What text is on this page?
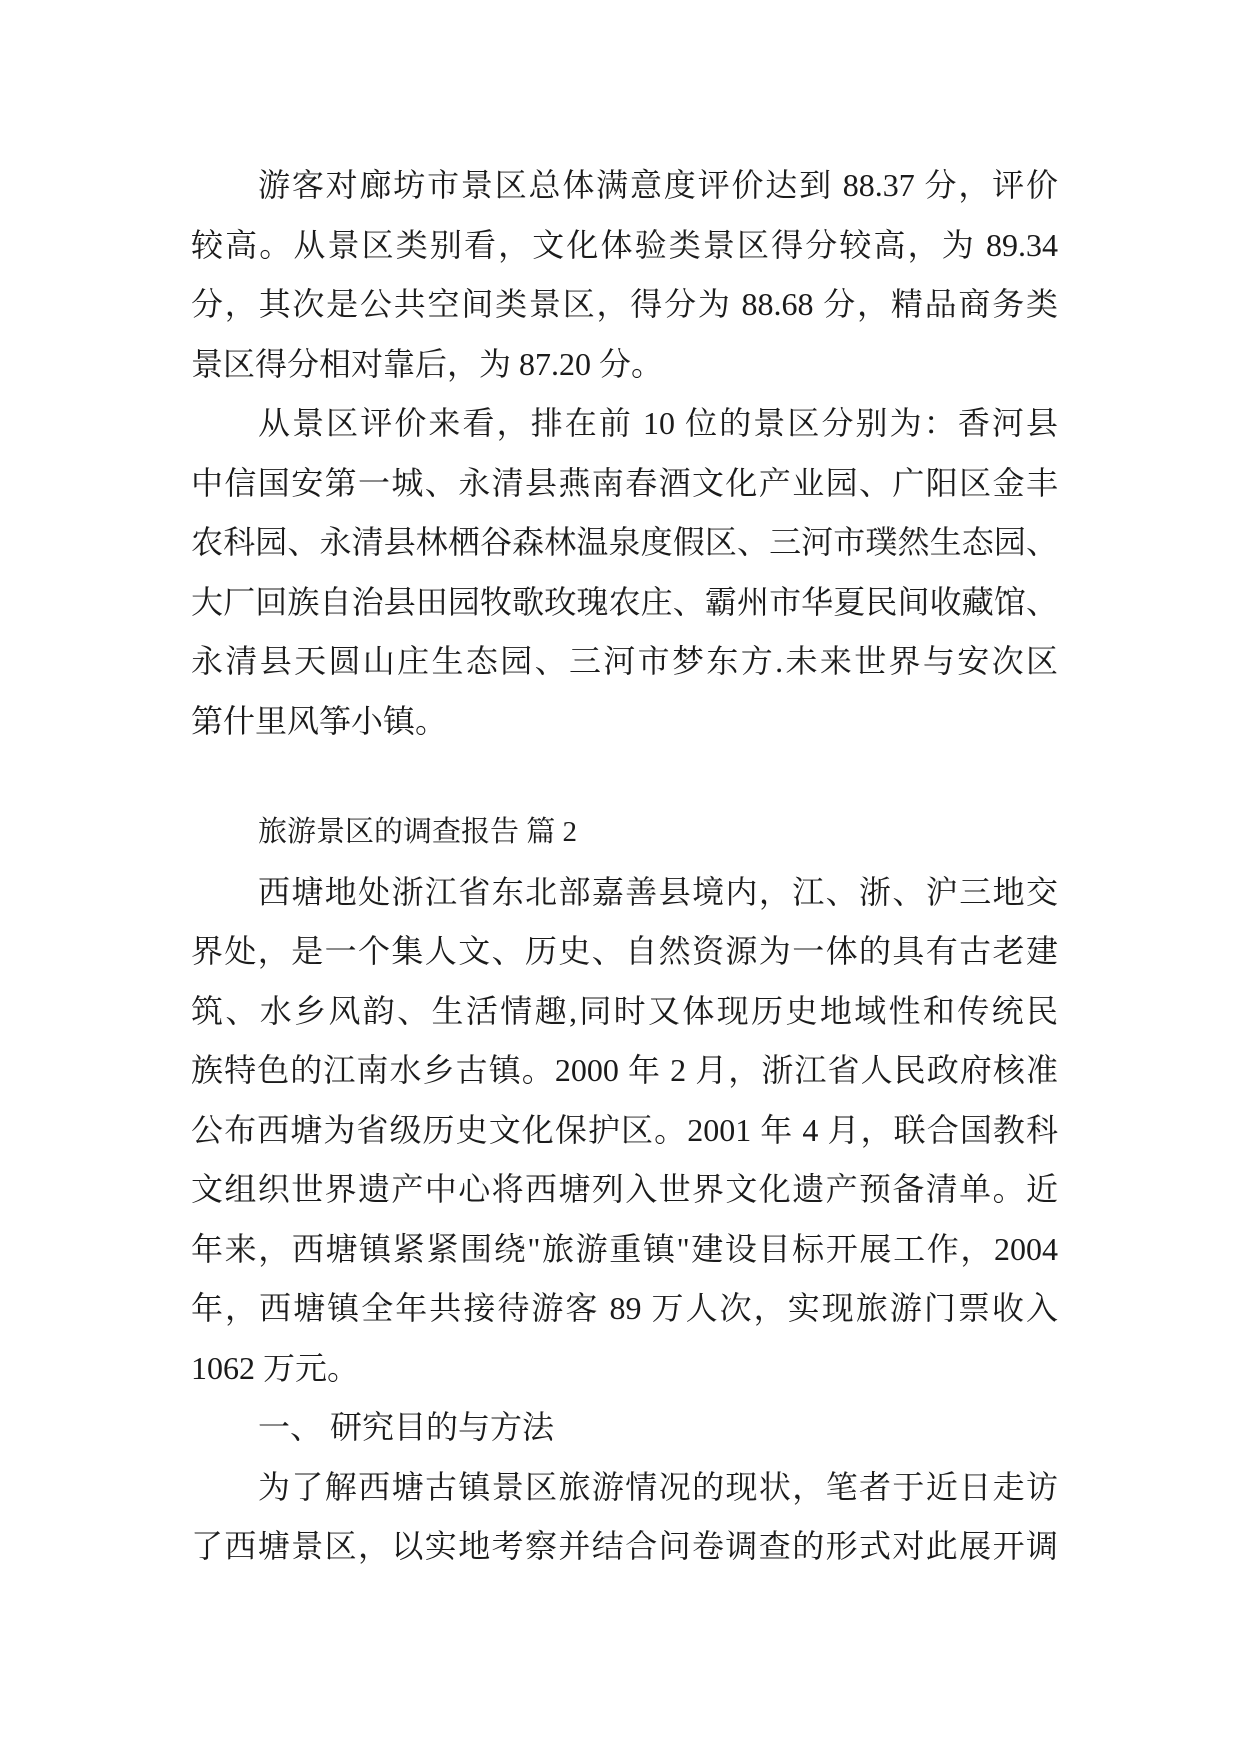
游客对廊坊市景区总体满意度评价达到 88.37 分，评价
较高。从景区类别看，文化体验类景区得分较高，为 89.34
分，其次是公共空间类景区，得分为 88.68 分，精品商务类
景区得分相对靠后，为 87.20 分。
从景区评价来看，排在前 10 位的景区分别为：香河县
中信国安第一城、永清县燕南春酒文化产业园、广阳区金丰
农科园、永清县林栖谷森林温泉度假区、三河市璞然生态园、
大厂回族自治县田园牧歌玫瑰农庄、霸州市华夏民间收藏馆、
永清县天圆山庄生态园、三河市梦东方.未来世界与安次区
第什里风筝小镇。
旅游景区的调查报告 篇 2
西塘地处浙江省东北部嘉善县境内，江、浙、沪三地交
界处，是一个集人文、历史、自然资源为一体的具有古老建
筑、水乡风韵、生活情趣,同时又体现历史地域性和传统民
族特色的江南水乡古镇。2000 年 2 月，浙江省人民政府核准
公布西塘为省级历史文化保护区。2001 年 4 月，联合国教科
文组织世界遗产中心将西塘列入世界文化遗产预备清单。近
年来，西塘镇紧紧围绕"旅游重镇"建设目标开展工作，2004
年，西塘镇全年共接待游客 89 万人次，实现旅游门票收入
1062 万元。
一、 研究目的与方法
为了解西塘古镇景区旅游情况的现状，笔者于近日走访
了西塘景区，以实地考察并结合问卷调查的形式对此展开调
